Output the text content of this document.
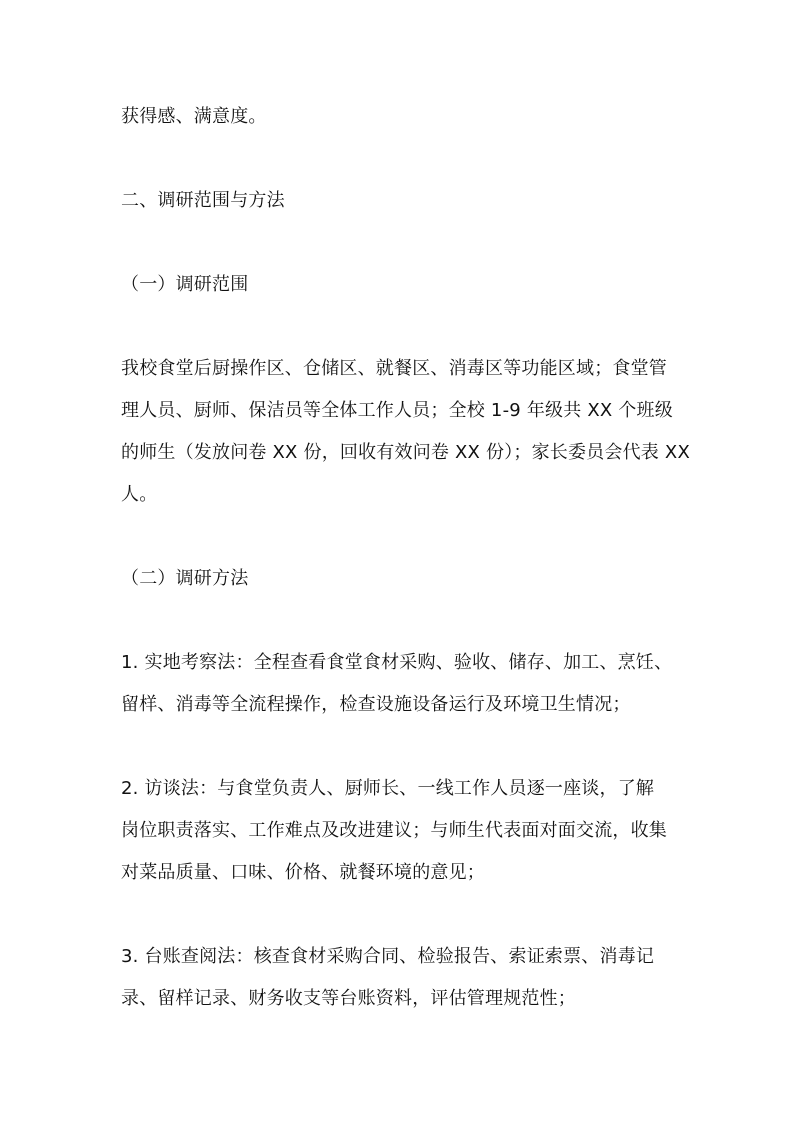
获得感、满意度。
二、调研范围与方法
（一）调研范围
我校食堂后厨操作区、仓储区、就餐区、消毒区等功能区域；食堂管
理人员、厨师、保洁员等全体工作人员；全校 1-9 年级共 XX 个班级
的师生（发放问卷 XX 份，回收有效问卷 XX 份）；家长委员会代表 XX
人。
（二）调研方法
1. 实地考察法：全程查看食堂食材采购、验收、储存、加工、烹饪、
留样、消毒等全流程操作，检查设施设备运行及环境卫生情况；
2. 访谈法：与食堂负责人、厨师长、一线工作人员逐一座谈，了解
岗位职责落实、工作难点及改进建议；与师生代表面对面交流，收集
对菜品质量、口味、价格、就餐环境的意见；
3. 台账查阅法：核查食材采购合同、检验报告、索证索票、消毒记
录、留样记录、财务收支等台账资料，评估管理规范性；
